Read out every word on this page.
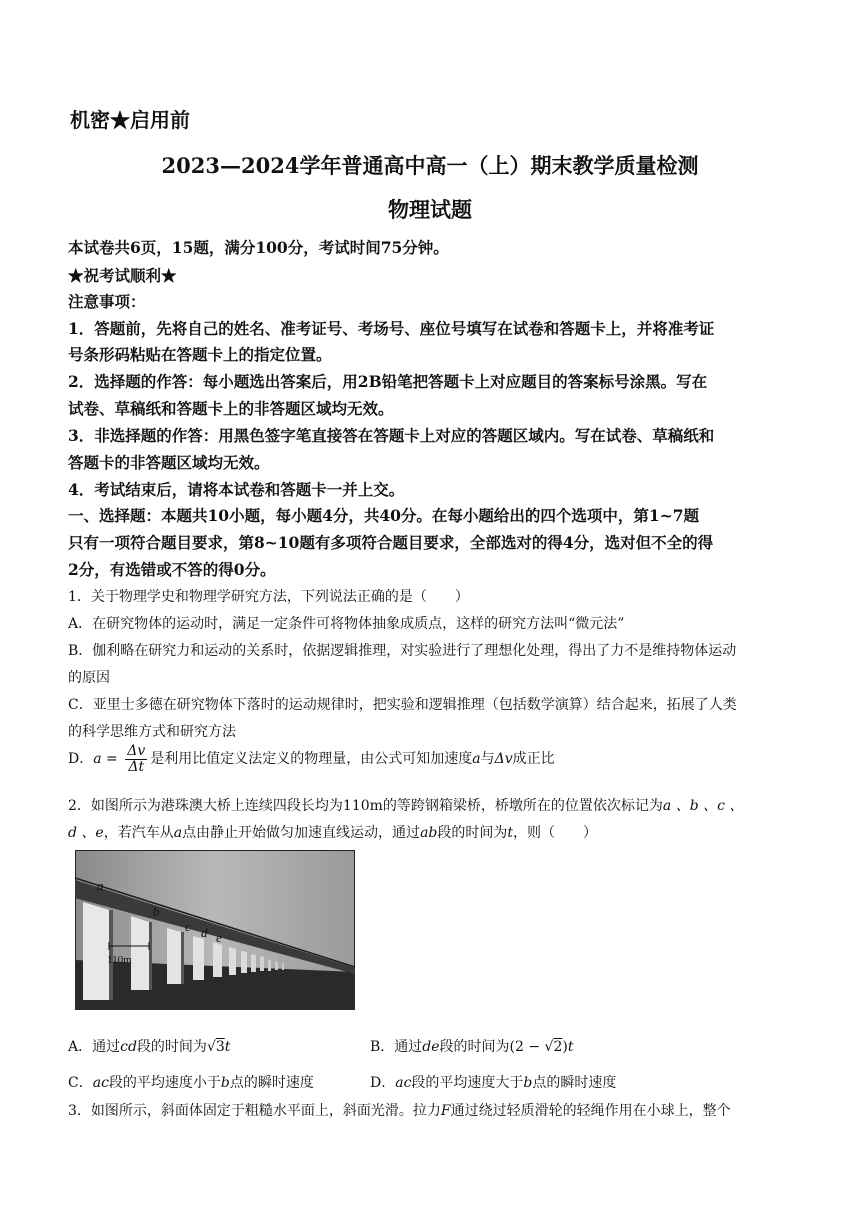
机密★启用前
2023—2024学年普通高中高一（上）期末教学质量检测
物理试题
本试卷共6页，15题，满分100分，考试时间75分钟。
★祝考试顺利★
注意事项：
1．答题前，先将自己的姓名、准考证号、考场号、座位号填写在试卷和答题卡上，并将准考证
号条形码粘贴在答题卡上的指定位置。
2．选择题的作答：每小题选出答案后，用2B铅笔把答题卡上对应题目的答案标号涂黑。写在
试卷、草稿纸和答题卡上的非答题区域均无效。
3．非选择题的作答：用黑色签字笔直接答在答题卡上对应的答题区域内。写在试卷、草稿纸和
答题卡的非答题区域均无效。
4．考试结束后，请将本试卷和答题卡一并上交。
一、选择题：本题共10小题，每小题4分，共40分。在每小题给出的四个选项中，第1~7题
只有一项符合题目要求，第8~10题有多项符合题目要求，全部选对的得4分，选对但不全的得
2分，有选错或不答的得0分。
1．关于物理学史和物理学研究方法，下列说法正确的是（　　）
A．在研究物体的运动时，满足一定条件可将物体抽象成质点，这样的研究方法叫“微元法”
B．伽利略在研究力和运动的关系时，依据逻辑推理，对实验进行了理想化处理，得出了力不是维持物体运动
的原因
C．亚里士多德在研究物体下落时的运动规律时，把实验和逻辑推理（包括数学演算）结合起来，拓展了人类
的科学思维方式和研究方法
D．$a = \frac{\Delta v}{\Delta t}$ 是利用比值定义法定义的物理量，由公式可知加速度a与Δv成正比
2．如图所示为港珠澳大桥上连续四段长均为110m的等跨钢箱梁桥，桥墩所在的位置依次标记为a 、b 、c 、
d 、e，若汽车从a点由静止开始做匀加速直线运动，通过ab段的时间为t，则（　　）
110m
a
b
c d e
A．通过cd段的时间为√3t	B．通过de段的时间为(2 − √2)t
C．ac段的平均速度小于b点的瞬时速度	D．ac段的平均速度大于b点的瞬时速度
3．如图所示，斜面体固定于粗糙水平面上，斜面光滑。拉力F通过绕过轻质滑轮的轻绳作用在小球上，整个
